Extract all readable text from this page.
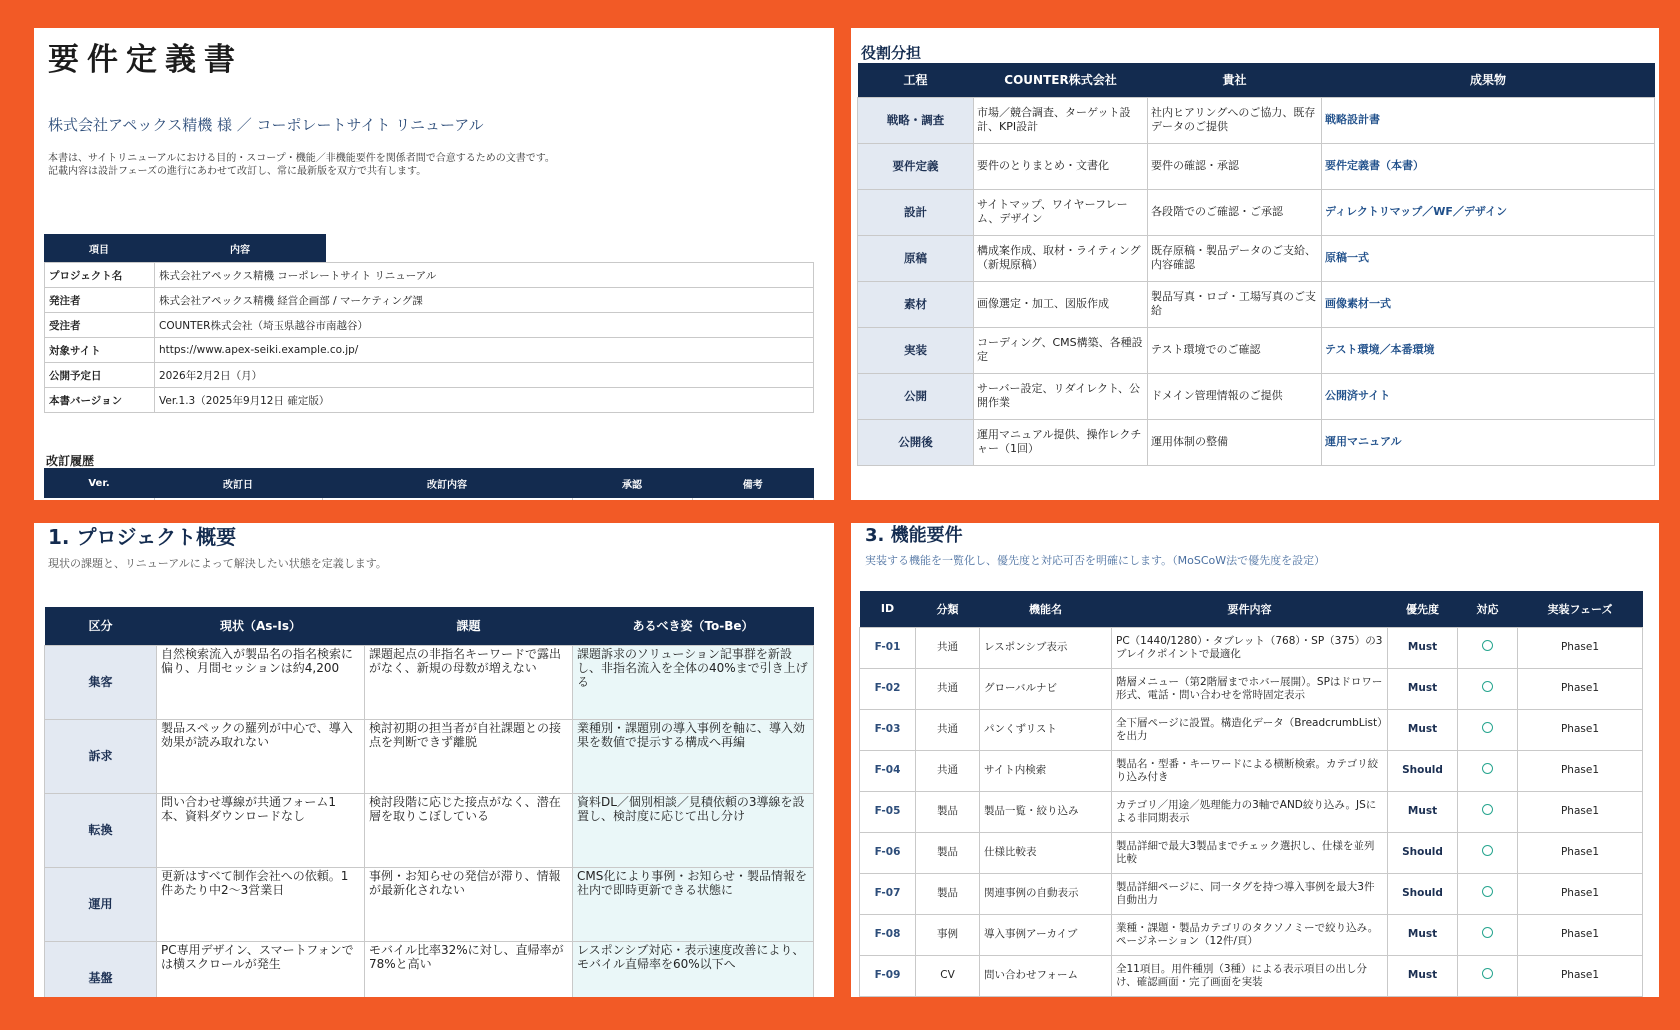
要件定義書
株式会社アペックス精機 様 ／ コーポレートサイト リニューアル
本書は、サイトリニューアルにおける目的・スコープ・機能／非機能要件を関係者間で合意するための文書です。
記載内容は設計フェーズの進行にあわせて改訂し、常に最新版を双方で共有します。
項目	内容
プロジェクト名	株式会社アペックス精機 コーポレートサイト リニューアル
発注者	株式会社アペックス精機 経営企画部 / マーケティング課
受注者	COUNTER株式会社（埼玉県越谷市南越谷）
対象サイト	https://www.apex-seiki.example.co.jp/
公開予定日	2026年2月2日（月）
本書バージョン	Ver.1.3（2025年9月12日 確定版）
改訂履歴
Ver.	改訂日	改訂内容	承認	備考

役割分担
工程	COUNTER株式会社	貴社	成果物
戦略・調査	市場／競合調査、ターゲット設計、KPI設計	社内ヒアリングへのご協力、既存データのご提供	戦略設計書
要件定義	要件のとりまとめ・文書化	要件の確認・承認	要件定義書（本書）
設計	サイトマップ、ワイヤーフレーム、デザイン	各段階でのご確認・ご承認	ディレクトリマップ／WF／デザイン
原稿	構成案作成、取材・ライティング（新規原稿）	既存原稿・製品データのご支給、内容確認	原稿一式
素材	画像選定・加工、図版作成	製品写真・ロゴ・工場写真のご支給	画像素材一式
実装	コーディング、CMS構築、各種設定	テスト環境でのご確認	テスト環境／本番環境
公開	サーバー設定、リダイレクト、公開作業	ドメイン管理情報のご提供	公開済サイト
公開後	運用マニュアル提供、操作レクチャー（1回）	運用体制の整備	運用マニュアル
1. プロジェクト概要
現状の課題と、リニューアルによって解決したい状態を定義します。
区分	現状（As-Is）	課題	あるべき姿（To-Be）
集客	自然検索流入が製品名の指名検索に偏り、月間セッションは約4,200	課題起点の非指名キーワードで露出がなく、新規の母数が増えない	課題訴求のソリューション記事群を新設し、非指名流入を全体の40%まで引き上げる
訴求	製品スペックの羅列が中心で、導入効果が読み取れない	検討初期の担当者が自社課題との接点を判断できず離脱	業種別・課題別の導入事例を軸に、導入効果を数値で提示する構成へ再編
転換	問い合わせ導線が共通フォーム1本、資料ダウンロードなし	検討段階に応じた接点がなく、潜在層を取りこぼしている	資料DL／個別相談／見積依頼の3導線を設置し、検討度に応じて出し分け
運用	更新はすべて制作会社への依頼。1件あたり中2〜3営業日	事例・お知らせの発信が滞り、情報が最新化されない	CMS化により事例・お知らせ・製品情報を社内で即時更新できる状態に
基盤	PC専用デザイン、スマートフォンでは横スクロールが発生	モバイル比率32%に対し、直帰率が78%と高い	レスポンシブ対応・表示速度改善により、モバイル直帰率を60%以下へ
3. 機能要件
実装する機能を一覧化し、優先度と対応可否を明確にします。（MoSCoW法で優先度を設定）
ID	分類	機能名	要件内容	優先度	対応	実装フェーズ
F-01	共通	レスポンシブ表示	PC（1440/1280）・タブレット（768）・SP（375）の3ブレイクポイントで最適化	Must		Phase1
F-02	共通	グローバルナビ	階層メニュー（第2階層までホバー展開）。SPはドロワー形式、電話・問い合わせを常時固定表示	Must		Phase1
F-03	共通	パンくずリスト	全下層ページに設置。構造化データ（BreadcrumbList）を出力	Must		Phase1
F-04	共通	サイト内検索	製品名・型番・キーワードによる横断検索。カテゴリ絞り込み付き	Should		Phase1
F-05	製品	製品一覧・絞り込み	カテゴリ／用途／処理能力の3軸でAND絞り込み。JSによる非同期表示	Must		Phase1
F-06	製品	仕様比較表	製品詳細で最大3製品までチェック選択し、仕様を並列比較	Should		Phase1
F-07	製品	関連事例の自動表示	製品詳細ページに、同一タグを持つ導入事例を最大3件自動出力	Should		Phase1
F-08	事例	導入事例アーカイブ	業種・課題・製品カテゴリのタクソノミーで絞り込み。ページネーション（12件/頁）	Must		Phase1
F-09	CV	問い合わせフォーム	全11項目。用件種別（3種）による表示項目の出し分け、確認画面・完了画面を実装	Must		Phase1
